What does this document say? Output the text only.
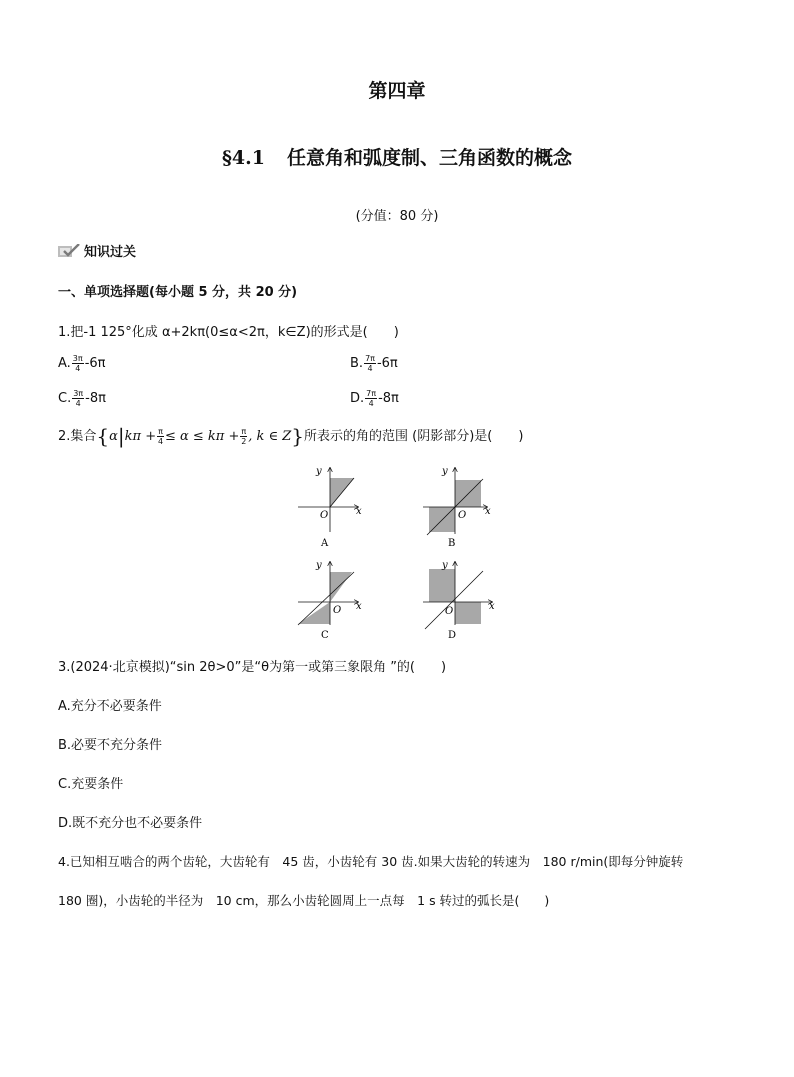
第四章
§4.1 任意角和弧度制、三角函数的概念
(分值：80 分)
知识过关
一、单项选择题(每小题 5 分，共 20 分)
1.把-1 125°化成 α+2kπ(0≤α<2π，k∈Z)的形式是(　　)
A. $\frac{3\pi}{4} -6\pi$	B. $\frac{7\pi}{4} -6\pi$
C. $\frac{3\pi}{4} -8\pi$	D. $\frac{7\pi}{4} -8\pi$
2.集合{$\alpha|k\pi + \frac{\pi}{4} \le \alpha \le k\pi + \frac{\pi}{2}$ , k ∈ Z}所表示的角的范围 (阴影部分)是(　　)
x
y
O
A
x
y
O
B
x
y
O
C
x
y
O
D
3.(2024·北京模拟)“sin 2θ>0”是“θ为第一或第三象限角 ”的(　　)
A.充分不必要条件
B.必要不充分条件
C.充要条件
D.既不充分也不必要条件
4.已知相互啮合的两个齿轮，大齿轮有　45 齿，小齿轮有 30 齿.如果大齿轮的转速为　180 r/min(即每分钟旋转
180 圈)，小齿轮的半径为　10 cm，那么小齿轮圆周上一点每　1 s 转过的弧长是(　　)
